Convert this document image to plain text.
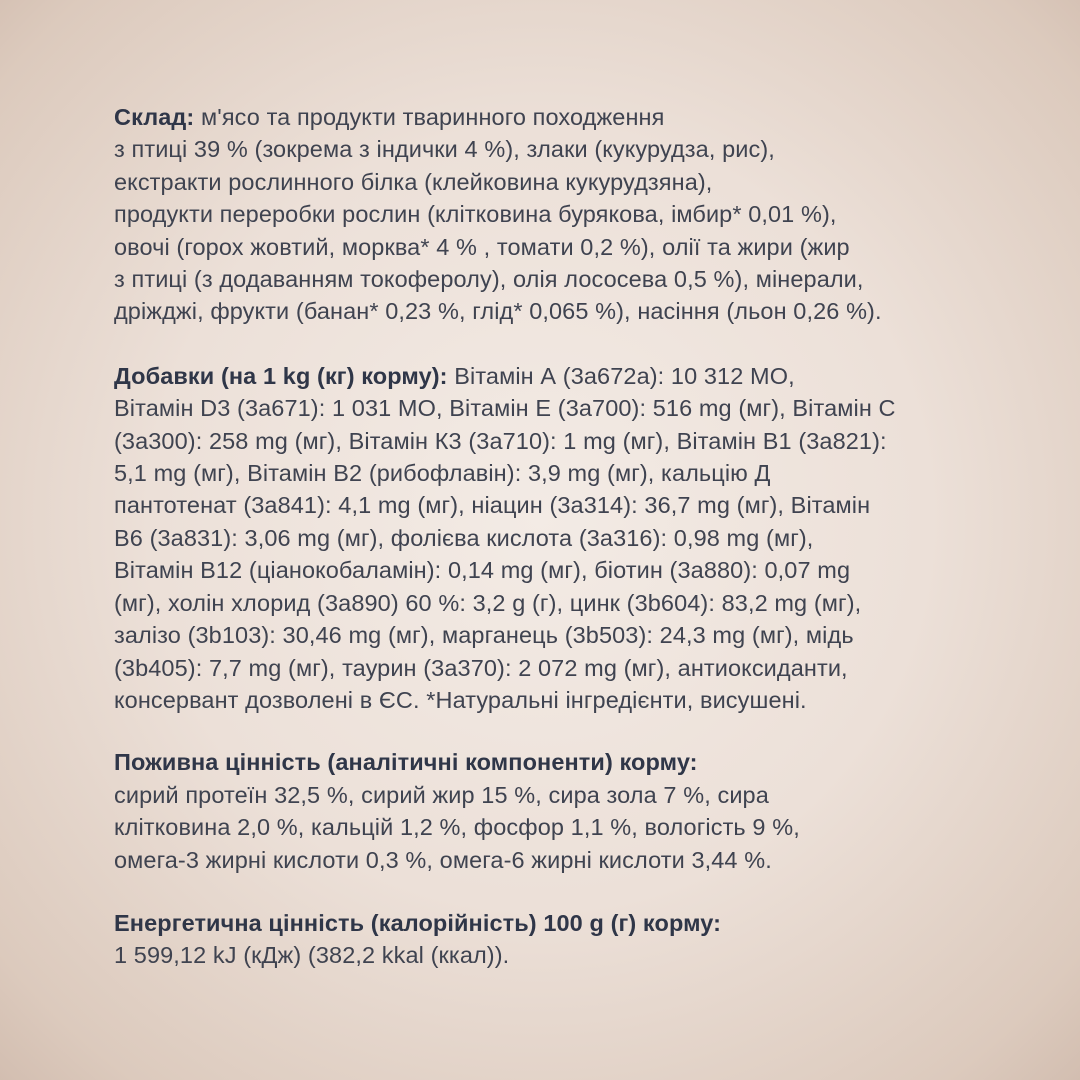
Склад: м'ясо та продукти тваринного походження
з птиці 39 % (зокрема з індички 4 %), злаки (кукурудза, рис),
екстракти рослинного білка (клейковина кукурудзяна),
продукти переробки рослин (клітковина бурякова, імбир* 0,01 %),
овочі (горох жовтий, морква* 4 % , томати 0,2 %), олії та жири (жир
з птиці (з додаванням токоферолу), олія лососева 0,5 %), мінерали,
дріжджі, фрукти (банан* 0,23 %, глід* 0,065 %), насіння (льон 0,26 %).

Добавки (на 1 kg (кг) корму): Вітамін А (3а672а): 10 312 МО,
Вітамін D3 (3а671): 1 031 МО, Вітамін Е (3а700): 516 mg (мг), Вітамін С
(3а300): 258 mg (мг), Вітамін К3 (3а710): 1 mg (мг), Вітамін B1 (3а821):
5,1 mg (мг), Вітамін В2 (рибофлавін): 3,9 mg (мг), кальцію Д
пантотенат (3а841): 4,1 mg (мг), ніацин (3а314): 36,7 mg (мг), Вітамін
В6 (3а831): 3,06 mg (мг), фолієва кислота (3а316): 0,98 mg (мг),
Вітамін В12 (ціанокобаламін): 0,14 mg (мг), біотин (3а880): 0,07 mg
(мг), холін хлорид (3а890) 60 %: 3,2 g (г), цинк (3b604): 83,2 mg (мг),
залізо (3b103): 30,46 mg (мг), марганець (3b503): 24,3 mg (мг), мідь
(3b405): 7,7 mg (мг), таурин (3а370): 2 072 mg (мг), антиоксиданти,
консервант дозволені в ЄС. *Натуральні інгредієнти, висушені.

Поживна цінність (аналітичні компоненти) корму:
сирий протеїн 32,5 %, сирий жир 15 %, сира зола 7 %, сира
клітковина 2,0 %, кальцій 1,2 %, фосфор 1,1 %, вологість 9 %,
омега-3 жирні кислоти 0,3 %, омега-6 жирні кислоти 3,44 %.

Енергетична цінність (калорійність) 100 g (г) корму:
1 599,12 kJ (кДж) (382,2 kkal (ккал)).
